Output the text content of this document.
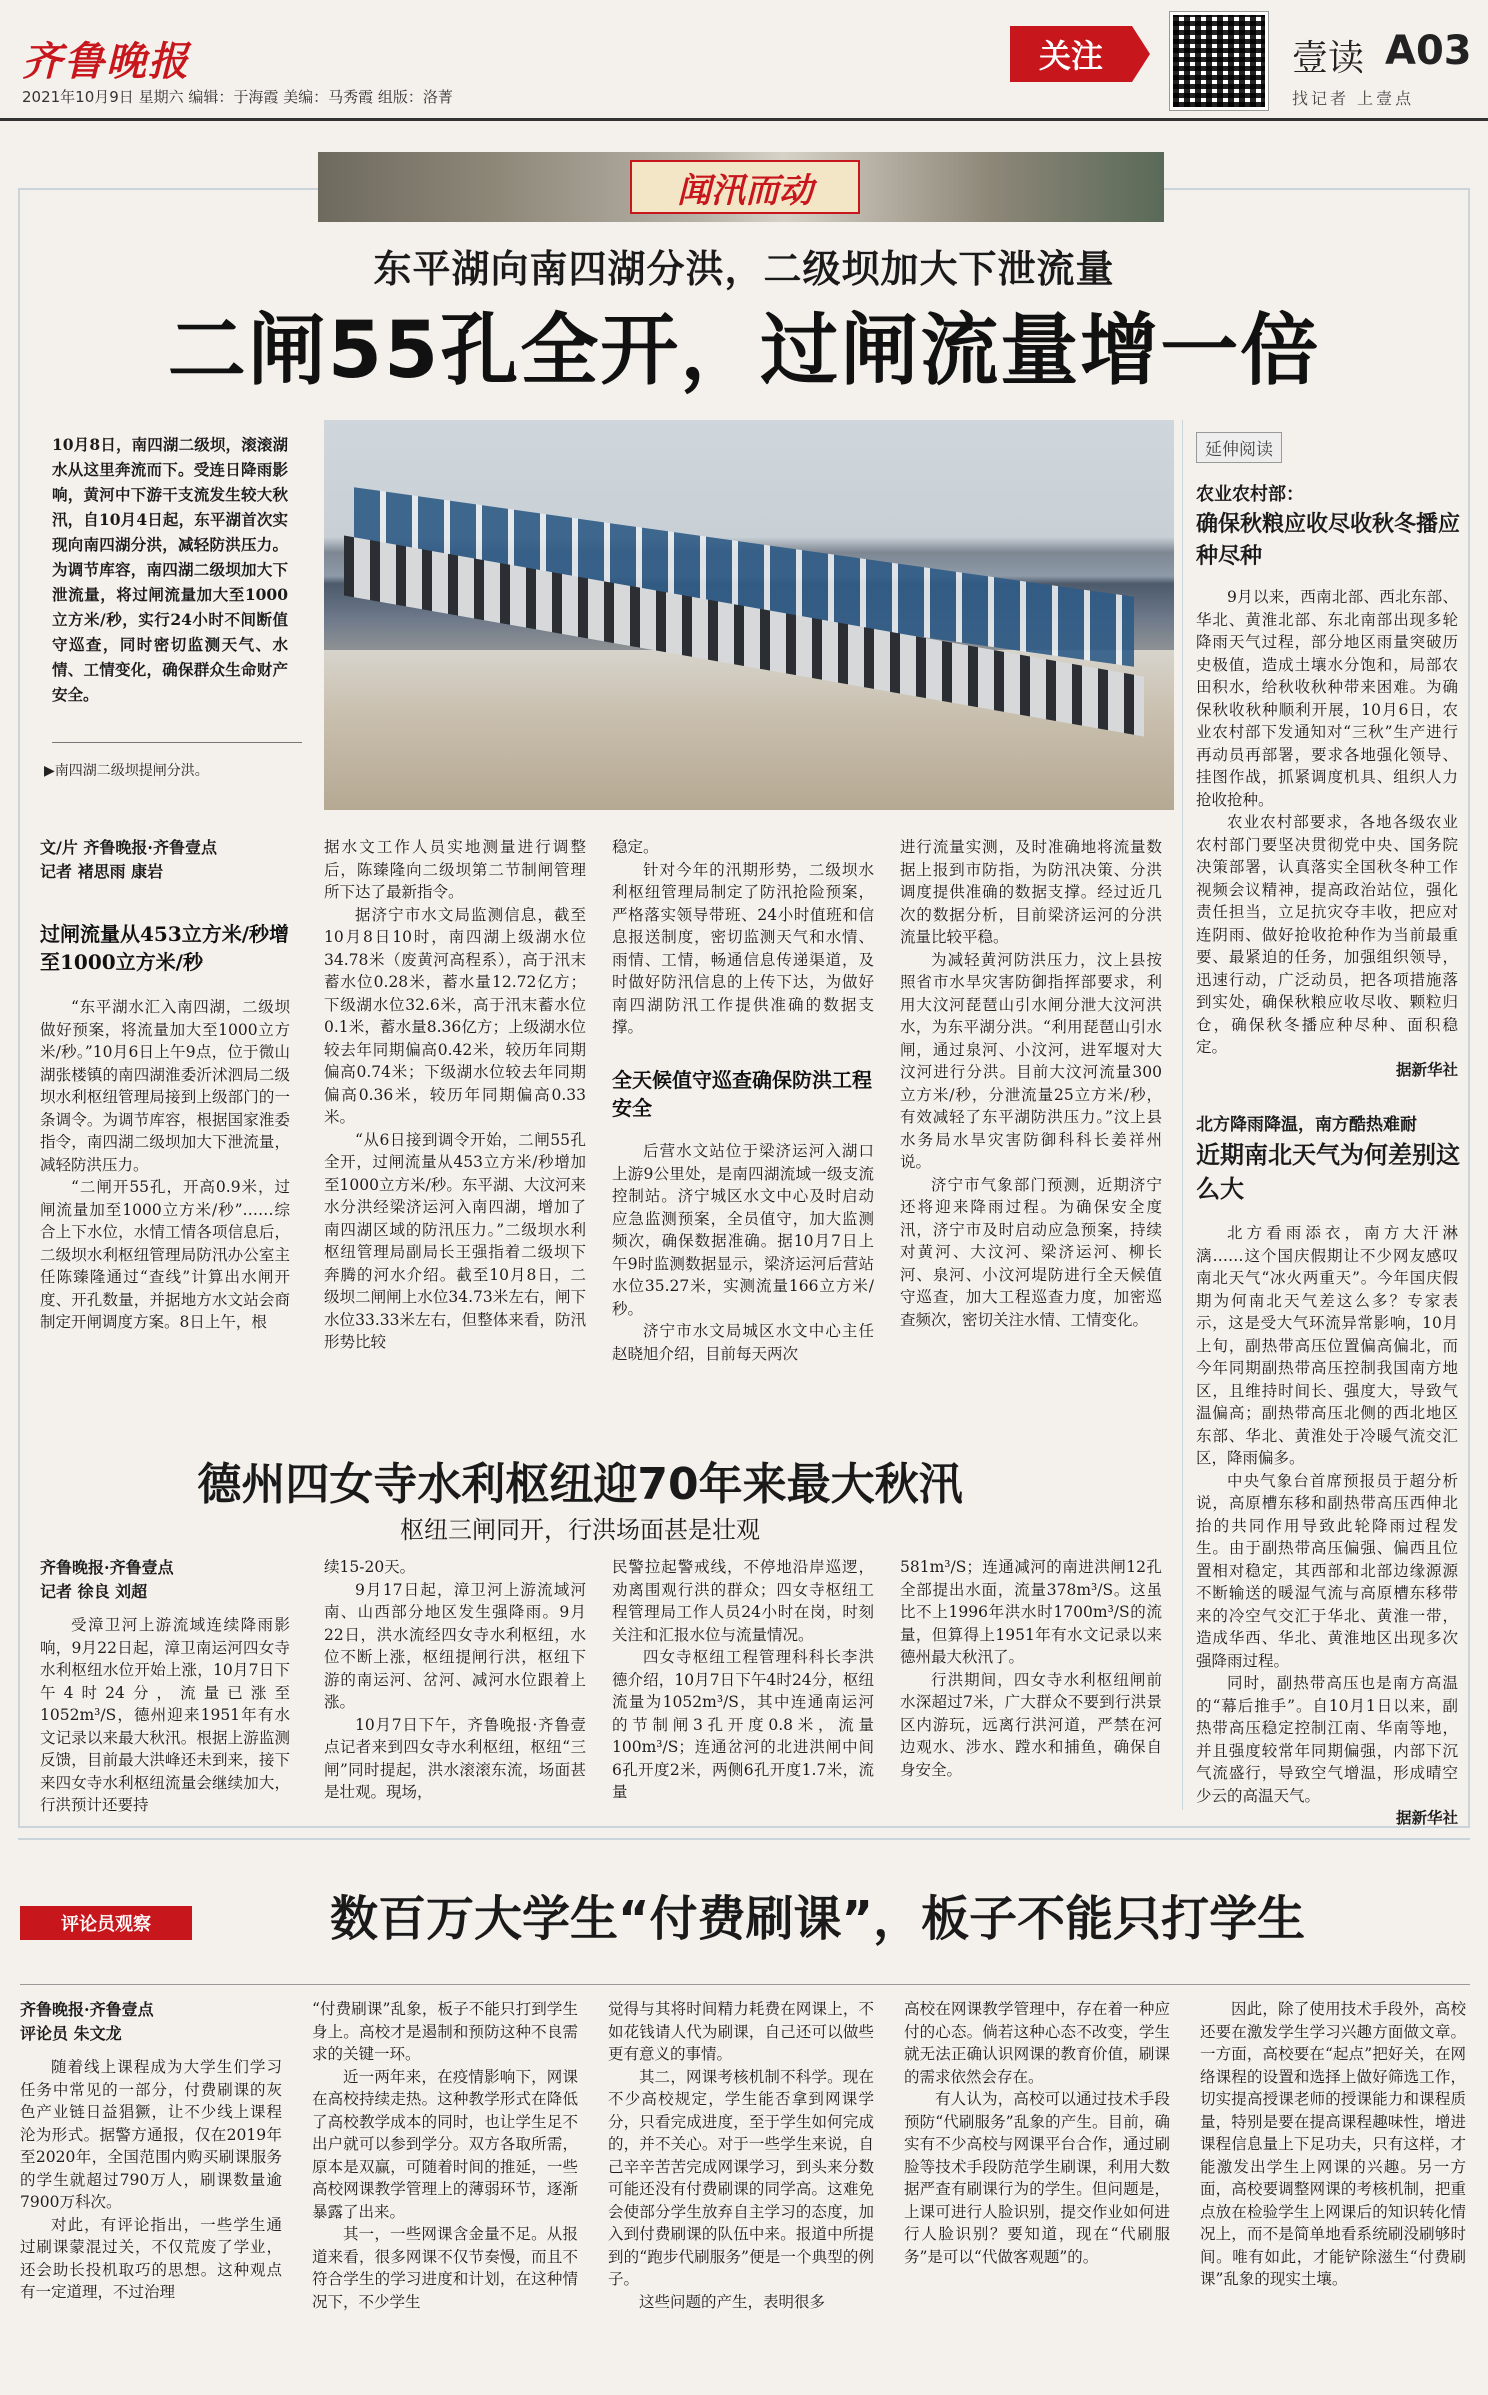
齐鲁晚报
2021年10月9日 星期六 编辑：于海霞 美编：马秀霞 组版：洛菁
关注	壹读 A03
找记者 上壹点
闻汛而动
东平湖向南四湖分洪，二级坝加大下泄流量
二闸55孔全开，过闸流量增一倍
10月8日，南四湖二级坝，滚滚湖水从这里奔流而下。受连日降雨影响，黄河中下游干支流发生较大秋汛，自10月4日起，东平湖首次实现向南四湖分洪，减轻防洪压力。为调节库容，南四湖二级坝加大下泄流量，将过闸流量加大至1000立方米/秒，实行24小时不间断值守巡查，同时密切监测天气、水情、工情变化，确保群众生命财产安全。
▶南四湖二级坝提闸分洪。
文/片 齐鲁晚报·齐鲁壹点
记者 褚思雨 康岩
过闸流量从453立方米/秒增至1000立方米/秒

“东平湖水汇入南四湖，二级坝做好预案，将流量加大至1000立方米/秒。”10月6日上午9点，位于微山湖张楼镇的南四湖淮委沂沭泗局二级坝水利枢纽管理局接到上级部门的一条调令。为调节库容，根据国家淮委指令，南四湖二级坝加大下泄流量，减轻防洪压力。

“二闸开55孔，开高0.9米，过闸流量加至1000立方米/秒”……综合上下水位，水情工情各项信息后，二级坝水利枢纽管理局防汛办公室主任陈臻隆通过“查线”计算出水闸开度、开孔数量，并据地方水文站会商制定开闸调度方案。8日上午，根

据水文工作人员实地测量进行调整后，陈臻隆向二级坝第二节制闸管理所下达了最新指令。

据济宁市水文局监测信息，截至10月8日10时，南四湖上级湖水位34.78米（废黄河高程系），高于汛末蓄水位0.28米，蓄水量12.72亿方；下级湖水位32.6米，高于汛末蓄水位0.1米，蓄水量8.36亿方；上级湖水位较去年同期偏高0.42米，较历年同期偏高0.74米；下级湖水位较去年同期偏高0.36米，较历年同期偏高0.33米。

“从6日接到调令开始，二闸55孔全开，过闸流量从453立方米/秒增加至1000立方米/秒。东平湖、大汶河来水分洪经梁济运河入南四湖，增加了南四湖区域的防汛压力。”二级坝水利枢纽管理局副局长王强指着二级坝下奔腾的河水介绍。截至10月8日，二级坝二闸闸上水位34.73米左右，闸下水位33.33米左右，但整体来看，防汛形势比较

稳定。

针对今年的汛期形势，二级坝水利枢纽管理局制定了防汛抢险预案，严格落实领导带班、24小时值班和信息报送制度，密切监测天气和水情、雨情、工情，畅通信息传递渠道，及时做好防汛信息的上传下达，为做好南四湖防汛工作提供准确的数据支撑。

全天候值守巡查确保防洪工程安全

后营水文站位于梁济运河入湖口上游9公里处，是南四湖流域一级支流控制站。济宁城区水文中心及时启动应急监测预案，全员值守，加大监测频次，确保数据准确。据10月7日上午9时监测数据显示，梁济运河后营站水位35.27米，实测流量166立方米/秒。

济宁市水文局城区水文中心主任赵晓旭介绍，目前每天两次

进行流量实测，及时准确地将流量数据上报到市防指，为防汛决策、分洪调度提供准确的数据支撑。经过近几次的数据分析，目前梁济运河的分洪流量比较平稳。

为减轻黄河防洪压力，汶上县按照省市水旱灾害防御指挥部要求，利用大汶河琵琶山引水闸分泄大汶河洪水，为东平湖分洪。“利用琵琶山引水闸，通过泉河、小汶河，进军堰对大汶河进行分洪。目前大汶河流量300立方米/秒，分泄流量25立方米/秒，有效减轻了东平湖防洪压力。”汶上县水务局水旱灾害防御科科长姜祥州说。

济宁市气象部门预测，近期济宁还将迎来降雨过程。为确保安全度汛，济宁市及时启动应急预案，持续对黄河、大汶河、梁济运河、柳长河、泉河、小汶河堤防进行全天候值守巡查，加大工程巡查力度，加密巡查频次，密切关注水情、工情变化。

延伸阅读
农业农村部：
确保秋粮应收尽收秋冬播应种尽种

9月以来，西南北部、西北东部、华北、黄淮北部、东北南部出现多轮降雨天气过程，部分地区雨量突破历史极值，造成土壤水分饱和，局部农田积水，给秋收秋种带来困难。为确保秋收秋种顺利开展，10月6日，农业农村部下发通知对“三秋”生产进行再动员再部署，要求各地强化领导、挂图作战，抓紧调度机具、组织人力抢收抢种。

农业农村部要求，各地各级农业农村部门要坚决贯彻党中央、国务院决策部署，认真落实全国秋冬种工作视频会议精神，提高政治站位，强化责任担当，立足抗灾夺丰收，把应对连阴雨、做好抢收抢种作为当前最重要、最紧迫的任务，加强组织领导，迅速行动，广泛动员，把各项措施落到实处，确保秋粮应收尽收、颗粒归仓，确保秋冬播应种尽种、面积稳定。

据新华社
北方降雨降温，南方酷热难耐
近期南北天气为何差别这么大

北方看雨添衣，南方大汗淋漓……这个国庆假期让不少网友感叹南北天气“冰火两重天”。今年国庆假期为何南北天气差这么多？专家表示，这是受大气环流异常影响，10月上旬，副热带高压位置偏高偏北，而今年同期副热带高压控制我国南方地区，且维持时间长、强度大，导致气温偏高；副热带高压北侧的西北地区东部、华北、黄淮处于冷暖气流交汇区，降雨偏多。

中央气象台首席预报员于超分析说，高原槽东移和副热带高压西伸北抬的共同作用导致此轮降雨过程发生。由于副热带高压偏强、偏西且位置相对稳定，其西部和北部边缘源源不断输送的暖湿气流与高原槽东移带来的冷空气交汇于华北、黄淮一带，造成华西、华北、黄淮地区出现多次强降雨过程。

同时，副热带高压也是南方高温的“幕后推手”。自10月1日以来，副热带高压稳定控制江南、华南等地，并且强度较常年同期偏强，内部下沉气流盛行，导致空气增温，形成晴空少云的高温天气。

据新华社
德州四女寺水利枢纽迎70年来最大秋汛
枢纽三闸同开，行洪场面甚是壮观
齐鲁晚报·齐鲁壹点
记者 徐良 刘超

受漳卫河上游流域连续降雨影响，9月22日起，漳卫南运河四女寺水利枢纽水位开始上涨，10月7日下午4时24分，流量已涨至1052m³/S，德州迎来1951年有水文记录以来最大秋汛。根据上游监测反馈，目前最大洪峰还未到来，接下来四女寺水利枢纽流量会继续加大，行洪预计还要持

续15-20天。

9月17日起，漳卫河上游流域河南、山西部分地区发生强降雨。9月22日，洪水流经四女寺水利枢纽，水位不断上涨，枢纽提闸行洪，枢纽下游的南运河、岔河、减河水位跟着上涨。

10月7日下午，齐鲁晚报·齐鲁壹点记者来到四女寺水利枢纽，枢纽“三闸”同时提起，洪水滚滚东流，场面甚是壮观。現场，

民警拉起警戒线，不停地沿岸巡逻，劝离围观行洪的群众；四女寺枢纽工程管理局工作人员24小时在岗，时刻关注和汇报水位与流量情况。

四女寺枢纽工程管理科科长李洪德介绍，10月7日下午4时24分，枢纽流量为1052m³/S，其中连通南运河的节制闸3孔开度0.8米，流量100m³/S；连通岔河的北进洪闸中间6孔开度2米，两侧6孔开度1.7米，流量

581m³/S；连通减河的南进洪闸12孔全部提出水面，流量378m³/S。这虽比不上1996年洪水时1700m³/S的流量，但算得上1951年有水文记录以来德州最大秋汛了。

行洪期间，四女寺水利枢纽闸前水深超过7米，广大群众不要到行洪景区内游玩，远离行洪河道，严禁在河边观水、涉水、蹚水和捕鱼，确保自身安全。

评论员观察	数百万大学生“付费刷课”，板子不能只打学生
齐鲁晚报·齐鲁壹点
评论员 朱文龙

随着线上课程成为大学生们学习任务中常见的一部分，付费刷课的灰色产业链日益猖獗，让不少线上课程沦为形式。据警方通报，仅在2019年至2020年，全国范围内购买刷课服务的学生就超过790万人，刷课数量逾7900万科次。

对此，有评论指出，一些学生通过刷课蒙混过关，不仅荒废了学业，还会助长投机取巧的思想。这种观点有一定道理，不过治理

“付费刷课”乱象，板子不能只打到学生身上。高校才是遏制和预防这种不良需求的关键一环。

近一两年来，在疫情影响下，网课在高校持续走热。这种教学形式在降低了高校教学成本的同时，也让学生足不出户就可以参到学分。双方各取所需，原本是双赢，可随着时间的推延，一些高校网课教学管理上的薄弱环节，逐渐暴露了出来。

其一，一些网课含金量不足。从报道来看，很多网课不仅节奏慢，而且不符合学生的学习进度和计划，在这种情况下，不少学生

觉得与其将时间精力耗费在网课上，不如花钱请人代为刷课，自己还可以做些更有意义的事情。

其二，网课考核机制不科学。现在不少高校规定，学生能否拿到网课学分，只看完成进度，至于学生如何完成的，并不关心。对于一些学生来说，自己辛辛苦苦完成网课学习，到头来分数可能还没有付费刷课的同学高。这难免会使部分学生放弃自主学习的态度，加入到付费刷课的队伍中来。报道中所提到的“跑步代刷服务”便是一个典型的例子。

这些问题的产生，表明很多

高校在网课教学管理中，存在着一种应付的心态。倘若这种心态不改变，学生就无法正确认识网课的教育价值，刷课的需求依然会存在。

有人认为，高校可以通过技术手段预防“代刷服务”乱象的产生。目前，确实有不少高校与网课平台合作，通过刷脸等技术手段防范学生刷课，利用大数据严查有刷课行为的学生。但问题是，上课可进行人脸识别，提交作业如何进行人脸识别？要知道，现在“代刷服务”是可以“代做客观题”的。

因此，除了使用技术手段外，高校还要在激发学生学习兴趣方面做文章。一方面，高校要在“起点”把好关，在网络课程的设置和选择上做好筛选工作，切实提高授课老师的授课能力和课程质量，特别是要在提高课程趣味性，增进课程信息量上下足功夫，只有这样，才能激发出学生上网课的兴趣。另一方面，高校要调整网课的考核机制，把重点放在检验学生上网课后的知识转化情况上，而不是简单地看系统刷没刷够时间。唯有如此，才能铲除滋生“付费刷课”乱象的现实土壤。
